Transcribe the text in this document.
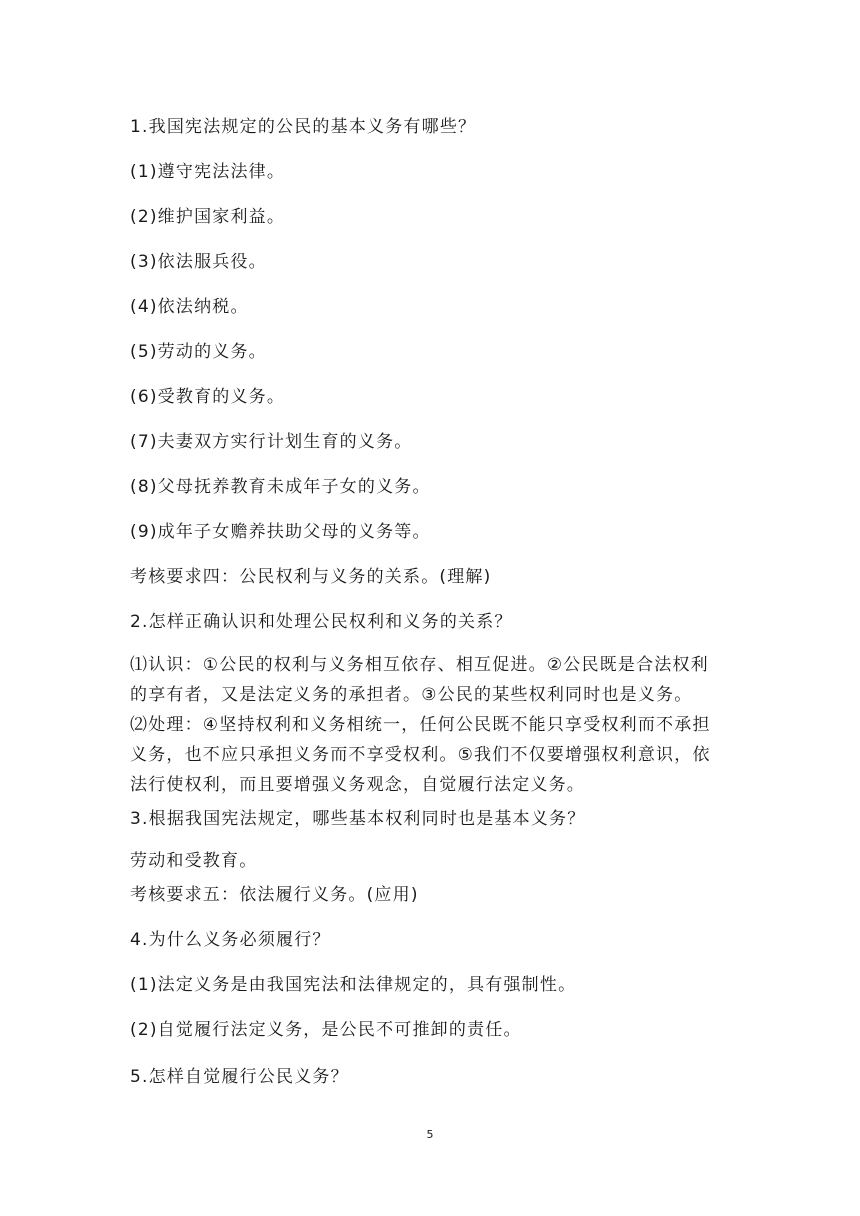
1.我国宪法规定的公民的基本义务有哪些？

(1)遵守宪法法律。

(2)维护国家利益。

(3)依法服兵役。

(4)依法纳税。

(5)劳动的义务。

(6)受教育的义务。

(7)夫妻双方实行计划生育的义务。

(8)父母抚养教育未成年子女的义务。

(9)成年子女赡养扶助父母的义务等。

考核要求四：公民权利与义务的关系。(理解)

2.怎样正确认识和处理公民权利和义务的关系？

⑴认识：①公民的权利与义务相互依存、相互促进。②公民既是合法权利

的享有者，又是法定义务的承担者。③公民的某些权利同时也是义务。

⑵处理：④坚持权利和义务相统一，任何公民既不能只享受权利而不承担

义务，也不应只承担义务而不享受权利。⑤我们不仅要增强权利意识，依

法行使权利，而且要增强义务观念，自觉履行法定义务。

3.根据我国宪法规定，哪些基本权利同时也是基本义务？

劳动和受教育。

考核要求五：依法履行义务。(应用)

4.为什么义务必须履行？

(1)法定义务是由我国宪法和法律规定的，具有强制性。

(2)自觉履行法定义务，是公民不可推卸的责任。

5.怎样自觉履行公民义务？

5
